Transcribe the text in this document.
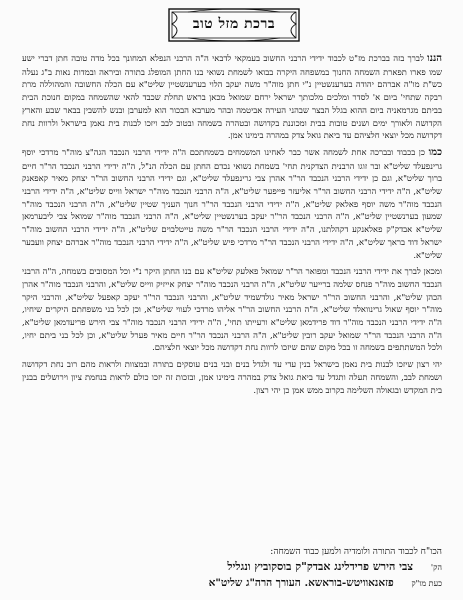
ברכת מזל טוב

הננו לברך בזה בברכת מז"ט לכבוד ידידי הרבני החשוב בעמקאי לדבאי ה"ה הרבני הנפלא המחונך בכל מדה טובה חתן דברי ישע שמו פארו תפארת השמחה החנוך במשפחה היקרה בבואו לשמחת נשואי בנו החתן המופלג בתורה וביראה ובמדות נאות ב"ג נעלה כש"ת מו"ה אברהם יהודה בערענשטיין נ"י חתן מוה"ר משה יעקב הלוי בערענשטיין שליט"א עם הכלה החשובה והמהוללה מרת רבקה שתחי' ביום א' לסדר ומלכים מלכותך ישראל ירחם שמואל מכאן בראש תחלת שכבד להאי שהשמחה במקום חנוכת הבית בביתם מגרמאניה ביום ההוא בגלל הבצר שבהני העירה אביטמה ובהר מערבא הבכור הוא למערבן ובנש להשבין בבאר שבע והארץ הקדושה ולאורך ימים ושנים טובות בבית ומכוננת בקדושה ובטהרה בשמחה ובטוב לבב ויזכו לבנות בית נאמן בישראל ולרוות נחת דקדושה מכל יוצאי חלציהם עד ביאת גואל צדק במהרה בימינו אמן.

כמו כן בכבוד ובברכה אחת לשמחה אשר כבר לאחינו המשמחים בשמחתכם ה"ה ידידי הרבני הנכבד הגה"צ מוה"ר מרדכי יוסף גרינפעלד שליט"א ובר זוגו הרבנית הצדקנית תחי' בשמחת נשואי נכדם החתן עם הכלה הנ"ל, ה"ה ידידי הרבני הנכבד הר"ר חיים ברוך שליט"א, וגם כן ידידי הרבני הנכבד הר"ר אהרן צבי גרינפעלד שליט"א, וגם ידידי הרבני החשוב הר"ר יצחק מאיר קאפאנק שליט"א, ה"ה ידידי הרבני החשוב הר"ר אליעזר פייפער שליט"א, ה"ה הרבני הנכבד מוה"ר ישראל ווייס שליט"א, ה"ה ידידי הרבני הנכבד מוה"ר משה יוסף פאלאק שליט"א, ה"ה ידידי הרבני הנכבד הר"ר חנוך העניך שטיין שליט"א, ה"ה הרבני הנכבד מוה"ר שמעון בערנשטיין שליט"א, ה"ה הרבני הנכבד הר"ר יעקב בערנשטיין שליט"א, ה"ה הרבני הנכבד מוה"ר שמואל צבי ליבערמאן שליט"א אבדק"ק פאלאנקע דקהלתנו, ה"ה ידידי הרבני הנכבד הר"ר משה טייטלבוים שליט"א, ה"ה ידידי הרבני החשוב מוה"ר ישראל דוד בראך שליט"א, ה"ה ידידי הרבני הנכבד הר"ר מרדכי פיש שליט"א, ה"ה ידידי הרבני הנכבד מוה"ר אברהם יצחק וועבער שליט"א.

ומכאן לברך את ידידי הרבני הנכבד ומפואר הר"ר שמואל פאלעק שליט"א עם בנו החתן היקר נ"י וכל המסובים בשמחה, ה"ה הרבני הנכבד החשוב מוה"ר פנחס שלמה ברייער שליט"א, ה"ה הרבני הנכבד מוה"ר יצחק אייזיק ווייס שליט"א, והרבני הנכבד מוה"ר אהרן הכהן שליט"א, והרבני החשוב הר"ר ישראל מאיר גולדשמיד שליט"א, והרבני הנכבד הר"ר יעקב קאפעל שליט"א, והרבני היקר מוה"ר יוסף שאול גרינוואלד שליט"א, ה"ה הרבני החשוב הר"ר אליהו מרדכי לעווי שליט"א, וכן לכל בני משפחתם היקרים שיחיו, ה"ה ידידי הרבני הנכבד מוה"ר דוד פרידמאן שליט"א ורעייתו תחי', ה"ה ידידי הרבני הנכבד מוה"ר צבי הירש פריעדמאן שליט"א, ה"ה הרבני הנכבד הר"ר שמואל יעקב רובין שליט"א, ה"ה הרבני הנכבד הר"ר חיים מאיר פערל שליט"א, וכן לכל בני ביתם יחיו, ולכל המשתתפים בשמחה זו בכל מקום שהם שיזכו לרוות נחת דקדושה מכל יוצאי חלציהם.

יהי רצון שיזכו לבנות בית נאמן בישראל בנין עדי עד ולגדל בנים ובני בנים עוסקים בתורה ובמצוות ולראות מהם רוב נחת דקדושה ושמחת לבב, והשמחה תעלה ותגדל עד ביאת גואל צדק במהרה בימינו אמן, ובזכות זה יזכו כולם לראות בנחמת ציון וירושלים בבנין בית המקדש ובגאולה השלימה בקרוב ממש אמן כן יהי רצון.

הכו"ח לכבוד התורה ולומדיה ולמען כבוד השמחה:
הק' צבי הירש פרידלינג אבדק"ק בוסקוביץ ונגליל
כעת מו"ק פזאנאוויטש-בוראשא. העורך הרה"ג שליט"א
